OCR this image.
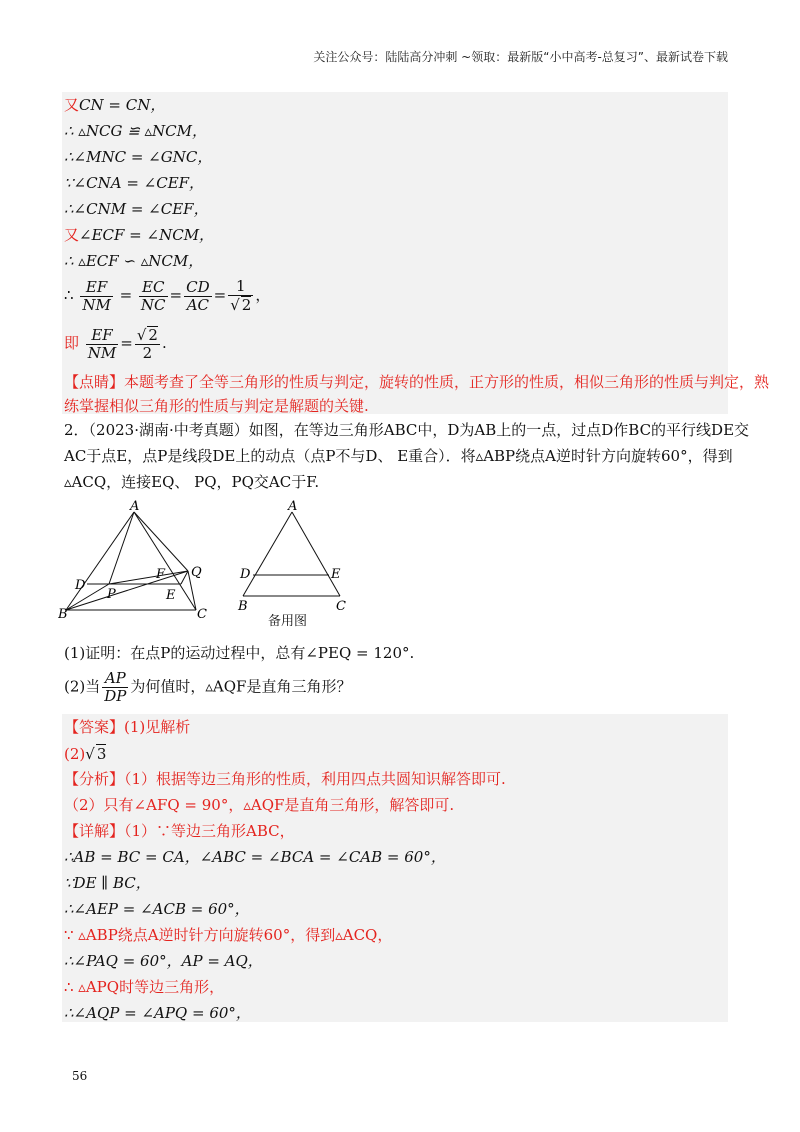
关注公众号：陆陆高分冲刺 ~领取：最新版“小中高考-总复习”、最新试卷下载
又CN = CN，
∴ ▵NCG ≌ ▵NCM，
∴∠MNC = ∠GNC，
∵∠CNA = ∠CEF，
∴∠CNM = ∠CEF，
又∠ECF = ∠NCM，
∴ ▵ECF ∽ ▵NCM，
∴ $\frac{EF}{NM} = \frac{EC}{NC} = \frac{CD}{AC} = \frac{1}{√ 2}$ ，
即 $\frac{EF}{NM} = \frac{√ 2}{2}$ .
【点睛】本题考查了全等三角形的性质与判定，旋转的性质，正方形的性质，相似三角形的性质与判定，熟
练掌握相似三角形的性质与判定是解题的关键.
2．（2023·湖南·中考真题）如图，在等边三角形ABC中，D为AB上的一点，过点D作BC的平行线DE交
AC于点E，点P是线段DE上的动点（点P不与D、 E重合）．将▵ABP绕点A逆时针方向旋转60°，得到
▵ACQ，连接EQ、 PQ，PQ交AC于F.
A
B	C
D
E
P
Q
F
A
B	C
D	E
备用图
(1)证明：在点P的运动过程中，总有∠PEQ = 120°.
(2)当 $\frac{AP}{DP}$ 为何值时，▵AQF是直角三角形？
【答案】(1)见解析
(2)√ 3
【分析】（1）根据等边三角形的性质，利用四点共圆知识解答即可.
（2）只有∠AFQ = 90°，▵AQF是直角三角形，解答即可.
【详解】（1）∵等边三角形ABC，
∴AB = BC = CA，∠ABC = ∠BCA = ∠CAB = 60°，
∵DE ∥ BC，
∴∠AEP = ∠ACB = 60°，
∵ ▵ABP绕点A逆时针方向旋转60°，得到▵ACQ，
∴∠PAQ = 60°，AP = AQ，
∴ ▵APQ时等边三角形，
∴∠AQP = ∠APQ = 60°，
56
